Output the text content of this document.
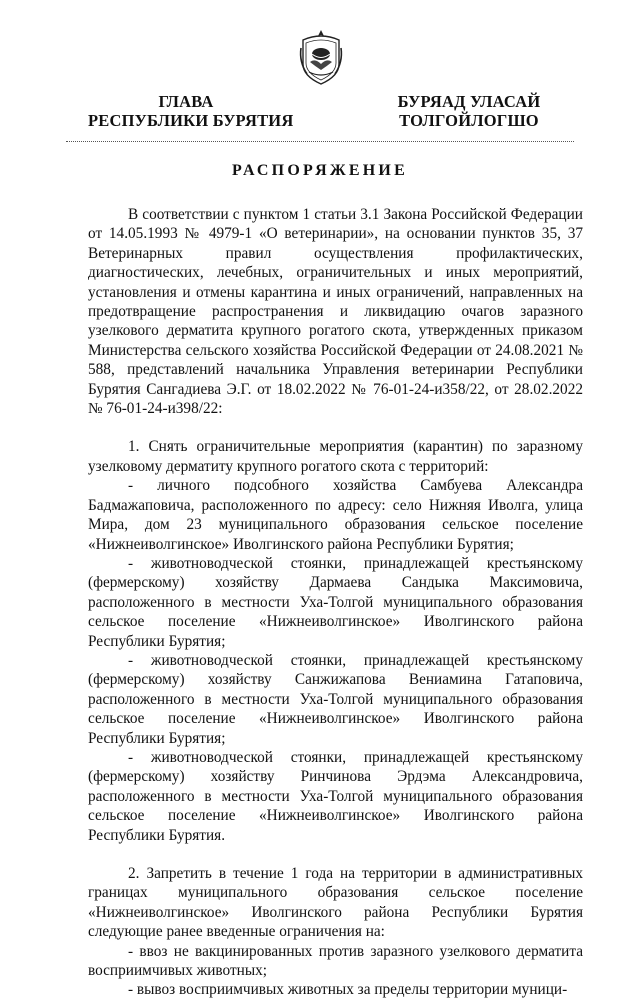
ГЛАВА
РЕСПУБЛИКИ БУРЯТИЯ
БУРЯАД УЛАСАЙ
ТОЛГОЙЛОГШО
РАСПОРЯЖЕНИЕ

В соответствии с пунктом 1 статьи 3.1 Закона Российской Федерации от 14.05.1993 № 4979-1 «О ветеринарии», на основании пунктов 35, 37 Ветеринарных правил осуществления профилактических, диагностических, лечебных, ограничительных и иных мероприятий, установления и отмены карантина и иных ограничений, направленных на предотвращение распространения и ликвидацию очагов заразного узелкового дерматита крупного рогатого скота, утвержденных приказом Министерства сельского хозяйства Российской Федерации от 24.08.2021 № 588, представлений начальника Управления ветеринарии Республики Бурятия Сангадиева Э.Г. от 18.02.2022 № 76-01-24-и358/22, от 28.02.2022 № 76-01-24-и398/22:

1. Снять ограничительные мероприятия (карантин) по заразному узелковому дерматиту крупного рогатого скота с территорий:

- личного подсобного хозяйства Самбуева Александра Бадмажаповича, расположенного по адресу: село Нижняя Иволга, улица Мира, дом 23 муниципального образования сельское поселение «Нижнеиволгинское» Иволгинского района Республики Бурятия;

- животноводческой стоянки, принадлежащей крестьянскому (фермерскому) хозяйству Дармаева Сандыка Максимовича, расположенного в местности Уха-Толгой муниципального образования сельское поселение «Нижнеиволгинское» Иволгинского района Республики Бурятия;

- животноводческой стоянки, принадлежащей крестьянскому (фермерскому) хозяйству Санжижапова Вениамина Гатаповича, расположенного в местности Уха-Толгой муниципального образования сельское поселение «Нижнеиволгинское» Иволгинского района Республики Бурятия;

- животноводческой стоянки, принадлежащей крестьянскому (фермерскому) хозяйству Ринчинова Эрдэма Александровича, расположенного в местности Уха-Толгой муниципального образования сельское поселение «Нижнеиволгинское» Иволгинского района Республики Бурятия.

2. Запретить в течение 1 года на территории в административных границах муниципального образования сельское поселение «Нижнеиволгинское» Иволгинского района Республики Бурятия следующие ранее введенные ограничения на:

- ввоз не вакцинированных против заразного узелкового дерматита восприимчивых животных;

- вывоз восприимчивых животных за пределы территории муници-
